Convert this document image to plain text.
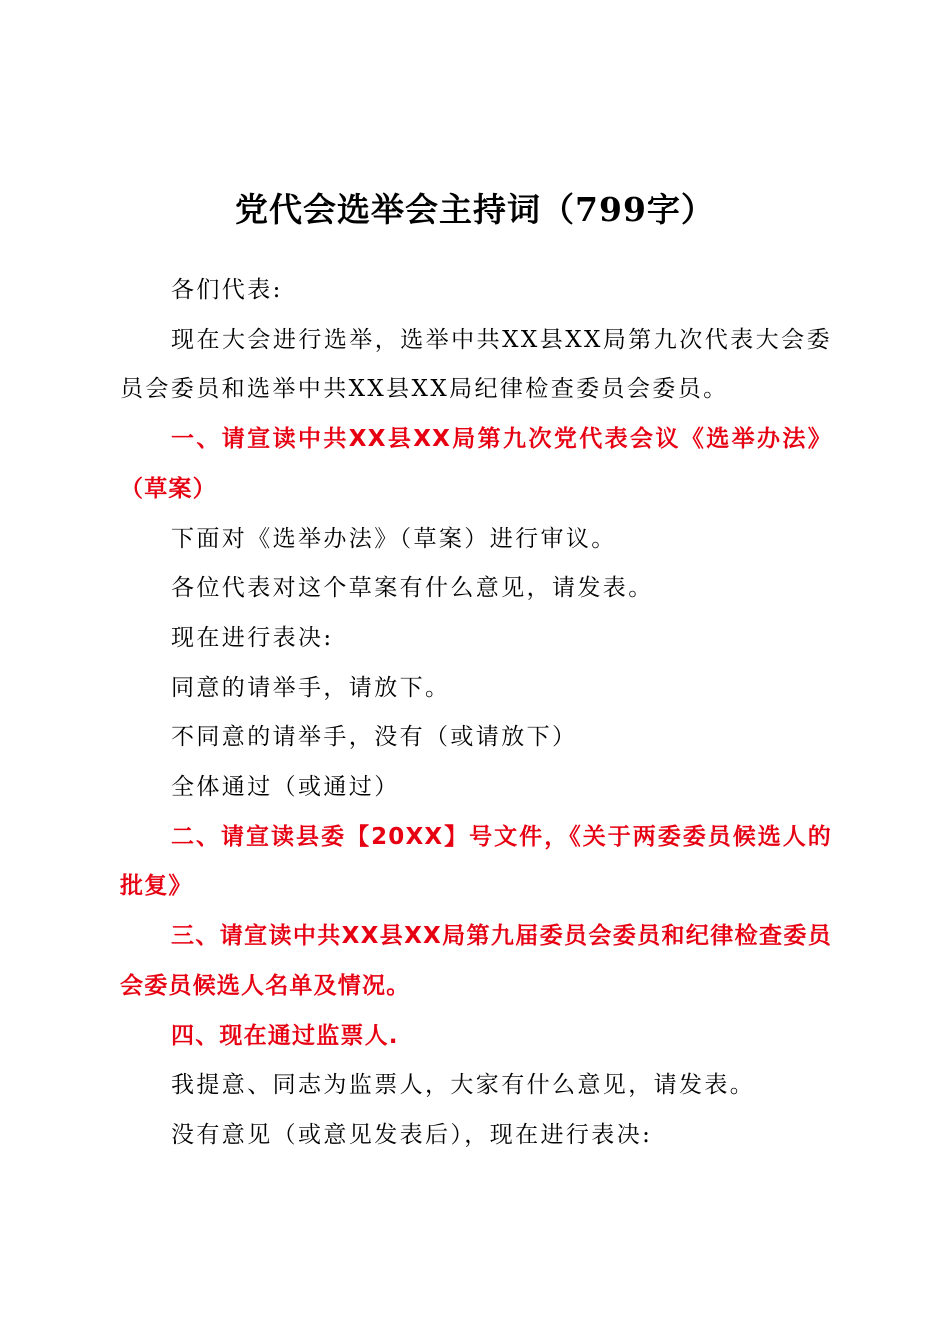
党代会选举会主持词（799字）

各们代表:

现在大会进行选举，选举中共XX县XX局第九次代表大会委员会委员和选举中共XX县XX局纪律检查委员会委员。

一、请宣读中共XX县XX局第九次党代表会议《选举办法》（草案）

下面对《选举办法》（草案）进行审议。

各位代表对这个草案有什么意见，请发表。

现在进行表决:

同意的请举手，请放下。

不同意的请举手，没有（或请放下）

全体通过（或通过）

二、请宣读县委【20XX】号文件，《关于两委委员候选人的批复》

三、请宣读中共XX县XX局第九届委员会委员和纪律检查委员会委员候选人名单及情况。

四、现在通过监票人.

我提意、同志为监票人，大家有什么意见，请发表。

没有意见（或意见发表后），现在进行表决:
